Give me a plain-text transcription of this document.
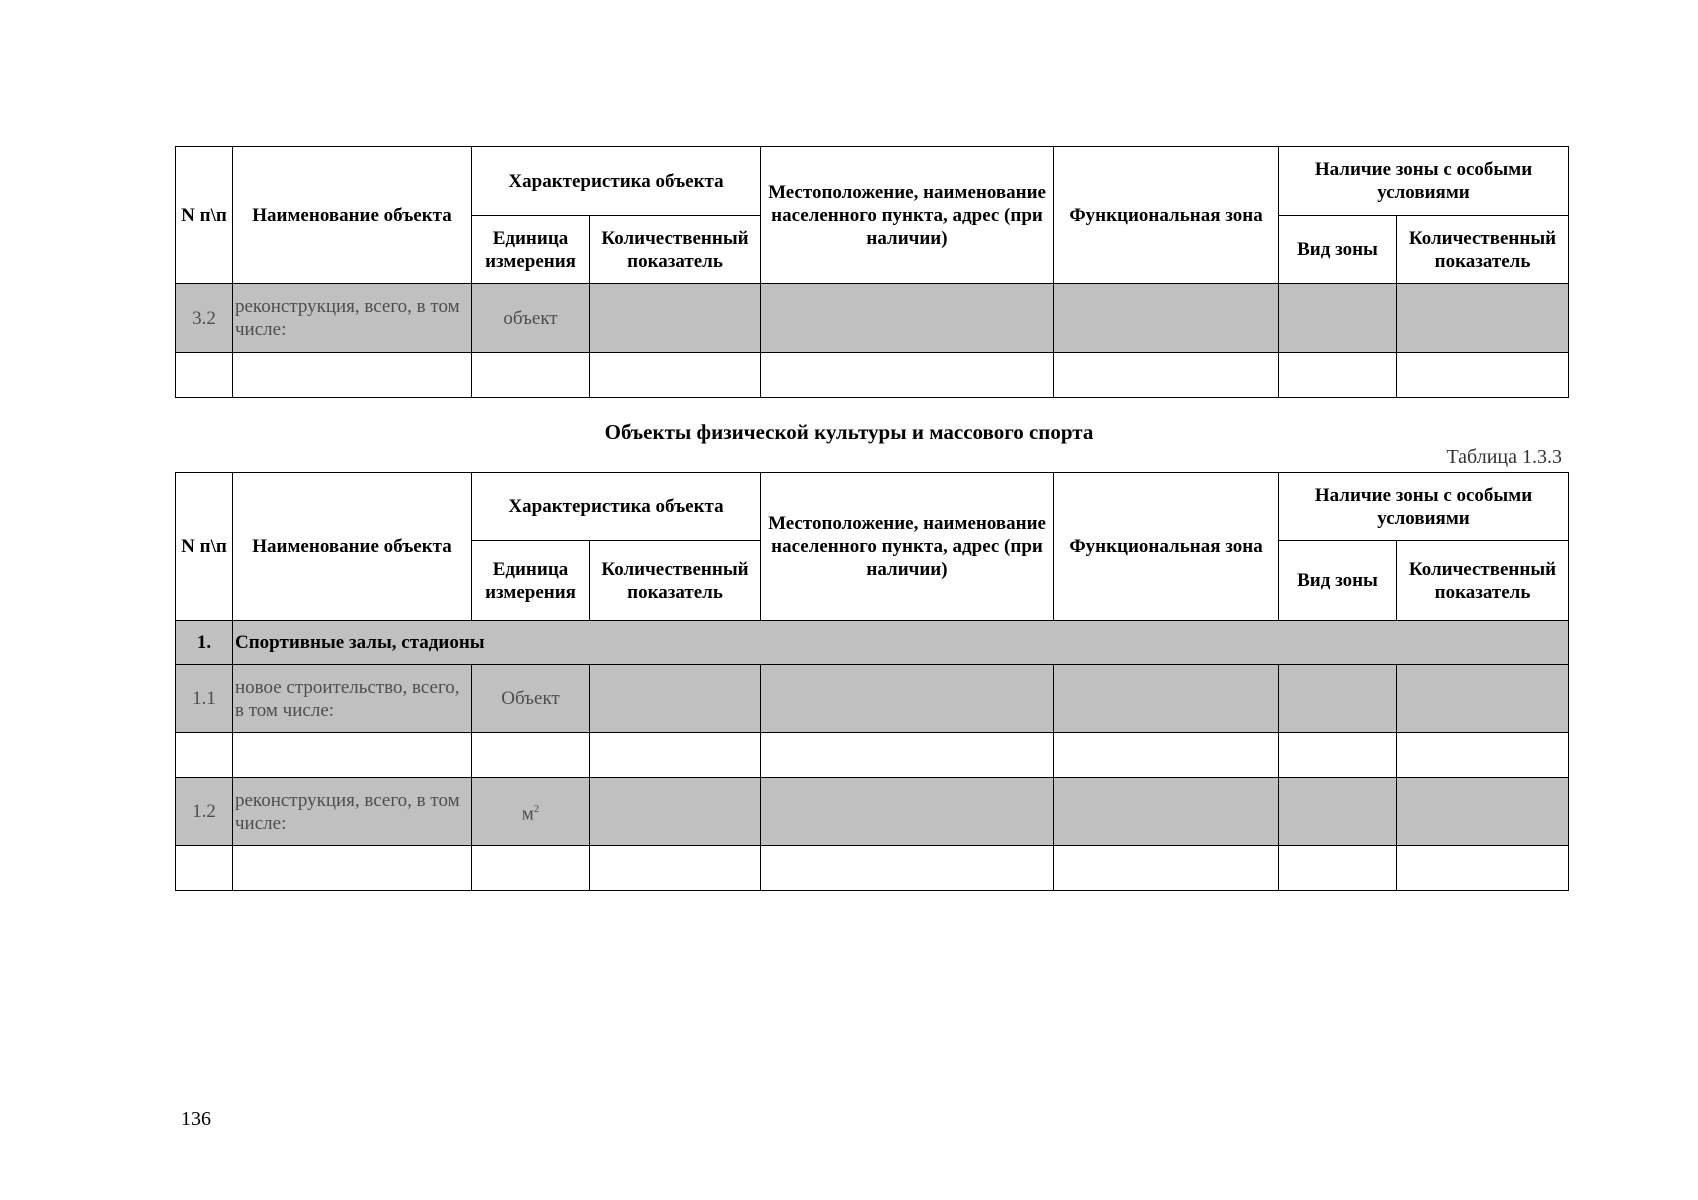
N п\п	Наименование объекта	Характеристика объекта		Местоположение, наименование населенного пункта, адрес (при наличии)	Функциональная зона	Наличие зоны с особыми условиями	
		Единица измерения	Количественный показатель			Вид зоны	Количественный показатель
3.2	реконструкция, всего, в том числе:	объект					

Объекты физической культуры и массового спорта
Таблица 1.3.3
N п\п	Наименование объекта	Характеристика объекта		Местоположение, наименование населенного пункта, адрес (при наличии)	Функциональная зона	Наличие зоны с особыми условиями	
		Единица измерения	Количественный показатель			Вид зоны	Количественный показатель
1.	Спортивные залы, стадионы						
1.1	новое строительство, всего, в том числе:	Объект					

1.2	реконструкция, всего, в том числе:	$м^2$					

136
